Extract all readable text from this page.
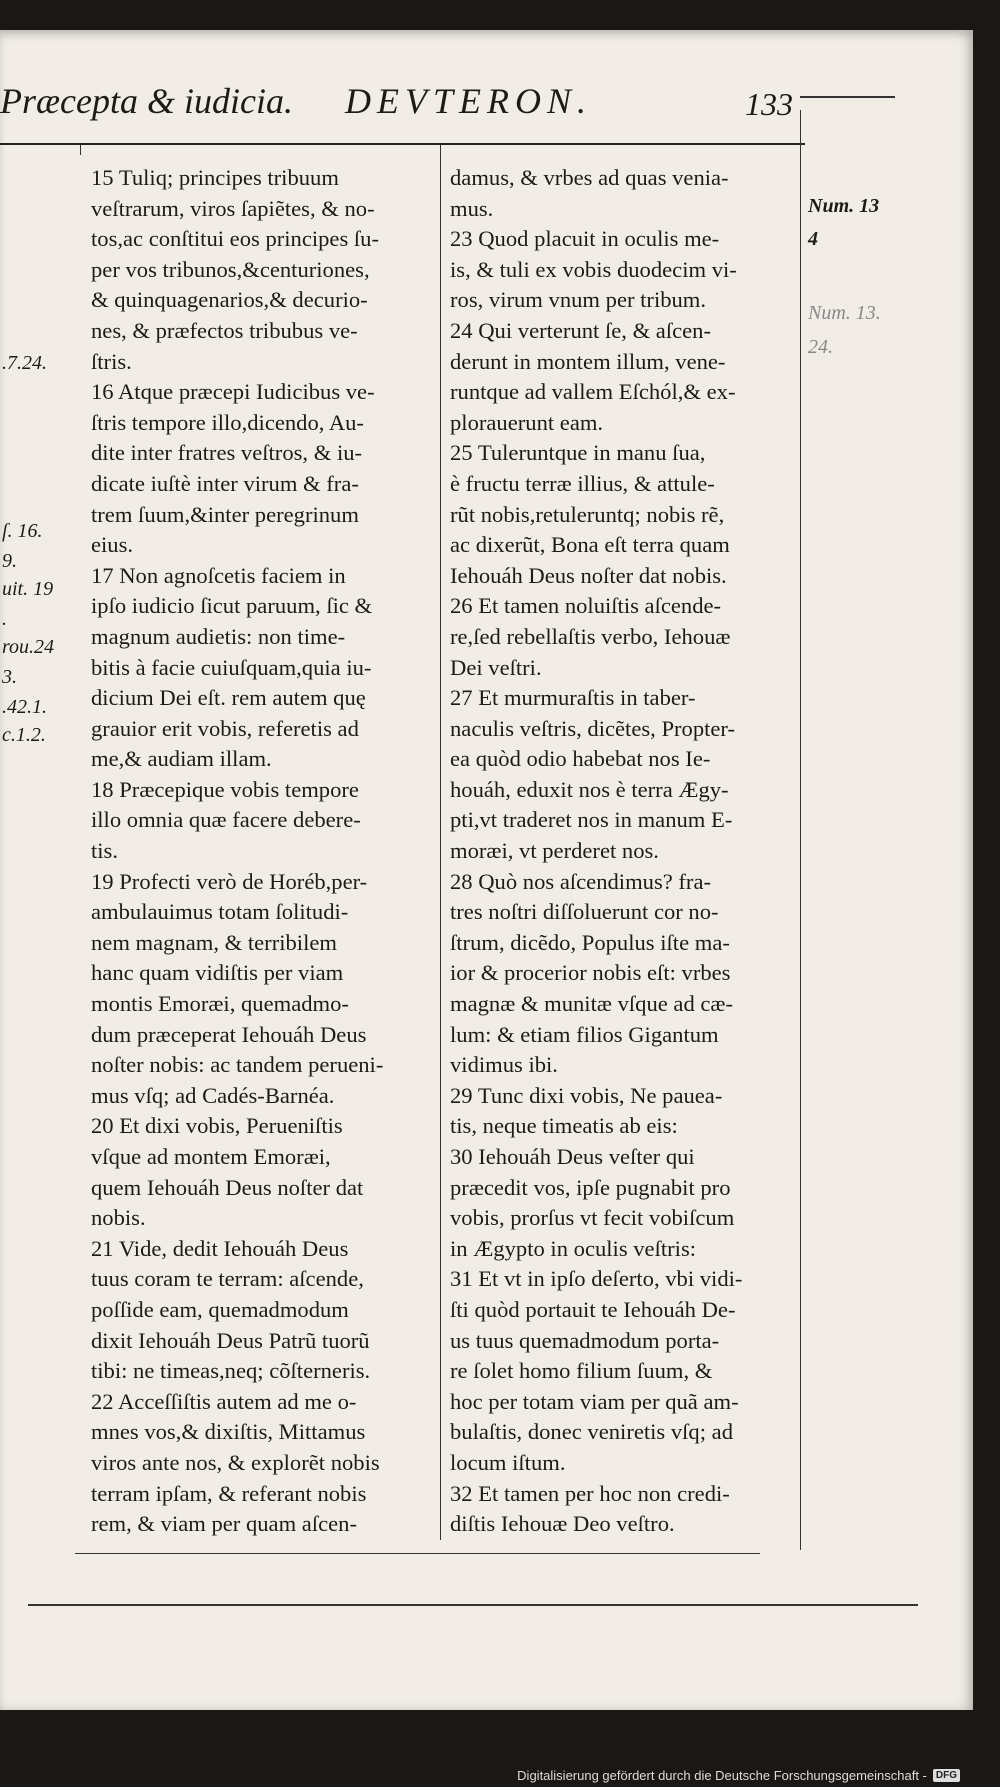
Præcepta & iudicia. DEVTERON.	133
.7.24.
ſ. 16.
9.
uit. 19
.
rou.24
3.
.42.1.
c.1.2.
Num. 13
4
Num. 13.
24.
15 Tuliq; principes tribuum
veſtrarum, viros ſapiẽtes, & no-
tos,ac conſtitui eos principes ſu-
per vos tribunos,&centuriones,
& quinquagenarios,& decurio-
nes, & præfectos tribubus ve-
ſtris.
16 Atque præcepi Iudicibus ve-
ſtris tempore illo,dicendo, Au-
dite inter fratres veſtros, & iu-
dicate iuſtè inter virum & fra-
trem ſuum,&inter peregrinum
eius.
17 Non agnoſcetis faciem in
ipſo iudicio ſicut paruum, ſic &
magnum audietis: non time-
bitis à facie cuiuſquam,quia iu-
dicium Dei eſt. rem autem quę
grauior erit vobis, referetis ad
me,& audiam illam.
18 Præcepique vobis tempore
illo omnia quæ facere debere-
tis.
19 Profecti verò de Horéb,per-
ambulauimus totam ſolitudi-
nem magnam, & terribilem
hanc quam vidiſtis per viam
montis Emoræi, quemadmo-
dum præceperat Iehouáh Deus
noſter nobis: ac tandem perueni-
mus vſq; ad Cadés-Barnéa.
20 Et dixi vobis, Perueniſtis
vſque ad montem Emoræi,
quem Iehouáh Deus noſter dat
nobis.
21 Vide, dedit Iehouáh Deus
tuus coram te terram: aſcende,
poſſide eam, quemadmodum
dixit Iehouáh Deus Patrũ tuorũ
tibi: ne timeas,neq; cõſterneris.
22 Acceſſiſtis autem ad me o-
mnes vos,& dixiſtis, Mittamus
viros ante nos, & explorẽt nobis
terram ipſam, & referant nobis
rem, & viam per quam aſcen-
damus, & vrbes ad quas venia-
mus.
23 Quod placuit in oculis me-
is, & tuli ex vobis duodecim vi-
ros, virum vnum per tribum.
24 Qui verterunt ſe, & aſcen-
derunt in montem illum, vene-
runtque ad vallem Eſchól,& ex-
plorauerunt eam.
25 Tuleruntque in manu ſua,
è fructu terræ illius, & attule-
rũt nobis,retuleruntq; nobis rẽ,
ac dixerũt, Bona eſt terra quam
Iehouáh Deus noſter dat nobis.
26 Et tamen noluiſtis aſcende-
re,ſed rebellaſtis verbo, Iehouæ
Dei veſtri.
27 Et murmuraſtis in taber-
naculis veſtris, dicẽtes, Propter-
ea quòd odio habebat nos Ie-
houáh, eduxit nos è terra Ægy-
pti,vt traderet nos in manum E-
moræi, vt perderet nos.
28 Quò nos aſcendimus? fra-
tres noſtri diſſoluerunt cor no-
ſtrum, dicẽdo, Populus iſte ma-
ior & procerior nobis eſt: vrbes
magnæ & munitæ vſque ad cæ-
lum: & etiam filios Gigantum
vidimus ibi.
29 Tunc dixi vobis, Ne pauea-
tis, neque timeatis ab eis:
30 Iehouáh Deus veſter qui
præcedit vos, ipſe pugnabit pro
vobis, prorſus vt fecit vobiſcum
in Ægypto in oculis veſtris:
31 Et vt in ipſo deſerto, vbi vidi-
ſti quòd portauit te Iehouáh De-
us tuus quemadmodum porta-
re ſolet homo filium ſuum, &
hoc per totam viam per quã am-
bulaſtis, donec veniretis vſq; ad
locum iſtum.
32 Et tamen per hoc non credi-
diſtis Iehouæ Deo veſtro.
Digitalisierung gefördert durch die Deutsche Forschungsgemeinschaft - DFG
